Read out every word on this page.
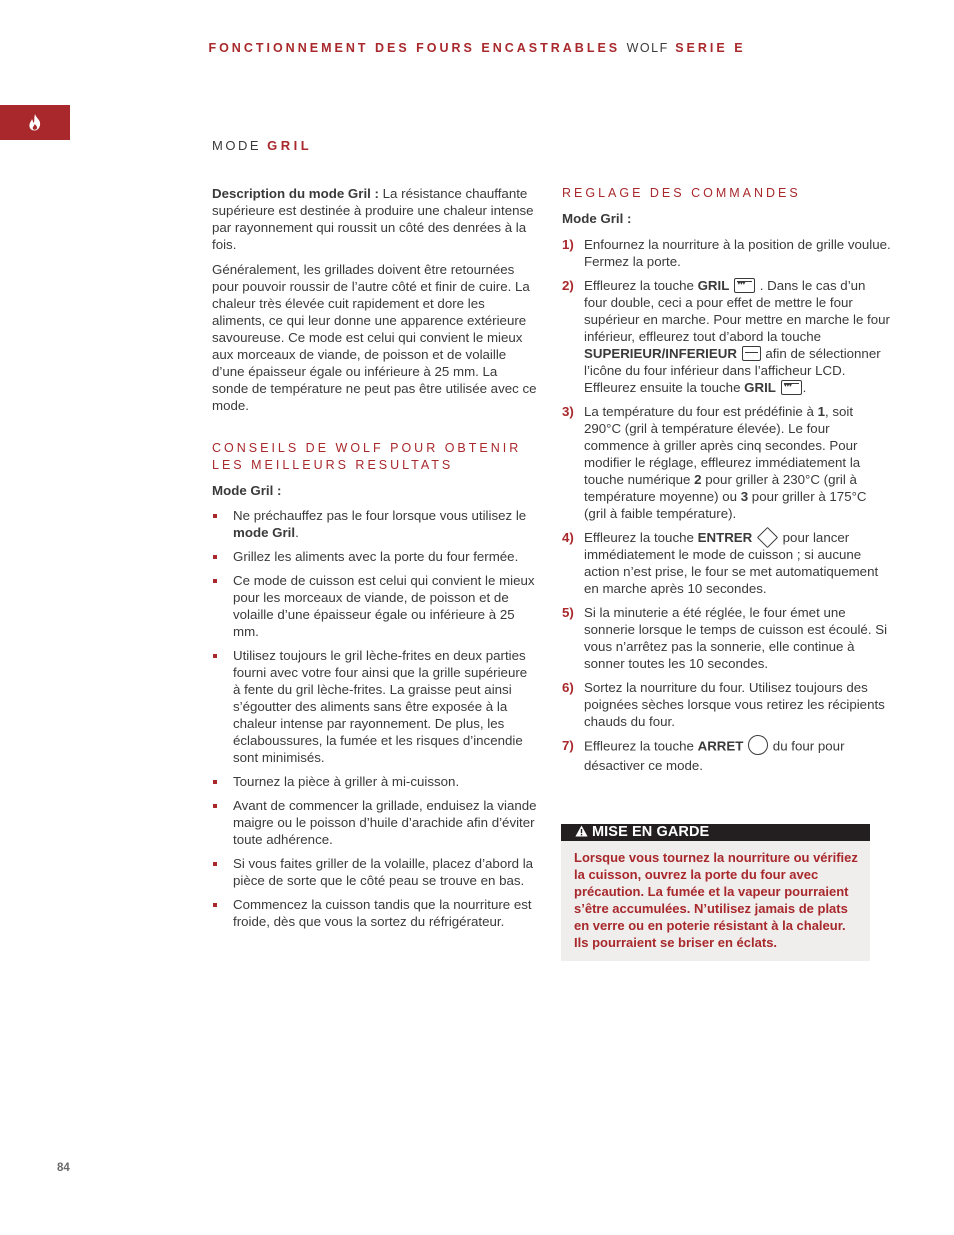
FONCTIONNEMENT DES FOURS ENCASTRABLES WOLF SERIE E
MODE GRIL

Description du mode Gril : La résistance chauffante supérieure est destinée à produire une chaleur intense par rayonnement qui roussit un côté des denrées à la fois.

Généralement, les grillades doivent être retournées pour pouvoir roussir de l’autre côté et finir de cuire. La chaleur très élevée cuit rapidement et dore les aliments, ce qui leur donne une apparence extérieure savoureuse. Ce mode est celui qui convient le mieux aux morceaux de viande, de poisson et de volaille d’une épaisseur égale ou inférieure à 25 mm. La sonde de température ne peut pas être utilisée avec ce mode.

CONSEILS DE WOLF POUR OBTENIR LES MEILLEURS RESULTATS

Mode Gril :

Ne préchauffez pas le four lorsque vous utilisez le mode Gril.
Grillez les aliments avec la porte du four fermée.
Ce mode de cuisson est celui qui convient le mieux pour les morceaux de viande, de poisson et de volaille d’une épaisseur égale ou inférieure à 25 mm.
Utilisez toujours le gril lèche-frites en deux parties fourni avec votre four ainsi que la grille supérieure à fente du gril lèche-frites. La graisse peut ainsi s’égoutter des aliments sans être exposée à la chaleur intense par rayonnement. De plus, les éclaboussures, la fumée et les risques d’incendie sont minimisés.
Tournez la pièce à griller à mi-cuisson.
Avant de commencer la grillade, enduisez la viande maigre ou le poisson d’huile d’arachide afin d’éviter toute adhérence.
Si vous faites griller de la volaille, placez d’abord la pièce de sorte que le côté peau se trouve en bas.
Commencez la cuisson tandis que la nourriture est froide, dès que vous la sortez du réfrigérateur.
REGLAGE DES COMMANDES

Mode Gril :

1) Enfournez la nourriture à la position de grille voulue. Fermez la porte.
2) Effleurez la touche GRIL ▾▾▾ . Dans le cas d’un four double, ceci a pour effet de mettre le four supérieur en marche. Pour mettre en marche le four inférieur, effleurez tout d’abord la touche SUPERIEUR/INFERIEUR  afin de sélectionner l’icône du four inférieur dans l’afficheur LCD. Effleurez ensuite la touche GRIL ▾▾▾ .
3) La température du four est prédéfinie à 1, soit 290°C (gril à température élevée). Le four commence à griller après cinq secondes. Pour modifier le réglage, effleurez immédiatement la touche numérique 2 pour griller à 230°C (gril à température moyenne) ou 3 pour griller à 175°C (gril à faible température).
4) Effleurez la touche ENTRER  pour lancer immédiatement le mode de cuisson ; si aucune action n’est prise, le four se met automatiquement en marche après 10 secondes.
5) Si la minuterie a été réglée, le four émet une sonnerie lorsque le temps de cuisson est écoulé. Si vous n’arrêtez pas la sonnerie, elle continue à sonner toutes les 10 secondes.
6) Sortez la nourriture du four. Utilisez toujours des poignées sèches lorsque vous retirez les récipients chauds du four.
7) Effleurez la touche ARRET  du four pour désactiver ce mode.
MISE EN GARDE
Lorsque vous tournez la nourriture ou vérifiez la cuisson, ouvrez la porte du four avec précaution. La fumée et la vapeur pourraient s’être accumulées. N’utilisez jamais de plats en verre ou en poterie résistant à la chaleur. Ils pourraient se briser en éclats.
84
